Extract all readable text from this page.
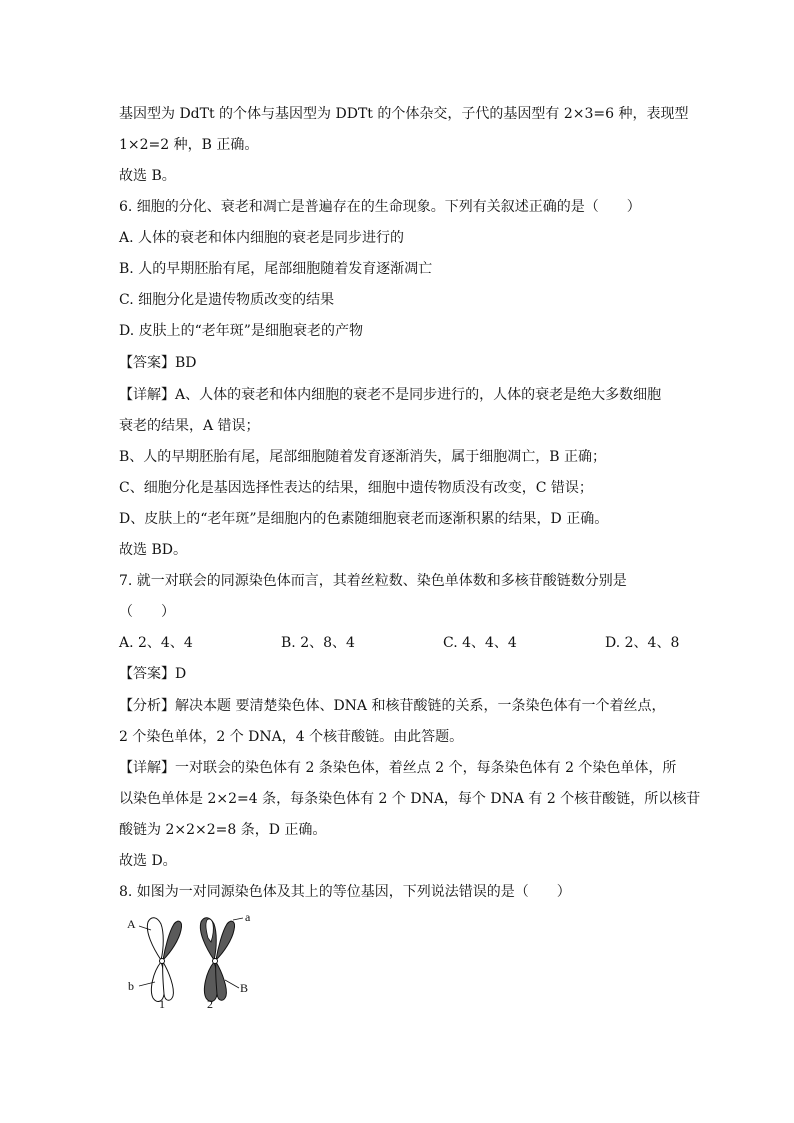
基因型为 DdTt 的个体与基因型为 DDTt 的个体杂交，子代的基因型有 2×3=6 种，表现型
1×2=2 种，B 正确。
故选 B。
6. 细胞的分化、衰老和凋亡是普遍存在的生命现象。下列有关叙述正确的是（　　）
A. 人体的衰老和体内细胞的衰老是同步进行的
B. 人的早期胚胎有尾，尾部细胞随着发育逐渐凋亡
C. 细胞分化是遗传物质改变的结果
D. 皮肤上的“老年斑”是细胞衰老的产物
【答案】BD
【详解】A、人体的衰老和体内细胞的衰老不是同步进行的，人体的衰老是绝大多数细胞
衰老的结果，A 错误；
B、人的早期胚胎有尾，尾部细胞随着发育逐渐消失，属于细胞凋亡，B 正确；
C、细胞分化是基因选择性表达的结果，细胞中遗传物质没有改变，C 错误；
D、皮肤上的“老年斑”是细胞内的色素随细胞衰老而逐渐积累的结果，D 正确。
故选 BD。
7. 就一对联会的同源染色体而言，其着丝粒数、染色单体数和多核苷酸链数分别是
（　　）
A. 2、4、4	B. 2、8、4	C. 4、4、4	D. 2、4、8
【答案】D
【分析】解决本题 要清楚染色体、DNA 和核苷酸链的关系，一条染色体有一个着丝点，
2 个染色单体，2 个 DNA，4 个核苷酸链。由此答题。
【详解】一对联会的染色体有 2 条染色体，着丝点 2 个，每条染色体有 2 个染色单体，所
以染色单体是 2×2=4 条，每条染色体有 2 个 DNA，每个 DNA 有 2 个核苷酸链，所以核苷
酸链为 2×2×2=8 条，D 正确。
故选 D。
8. 如图为一对同源染色体及其上的等位基因，下列说法错误的是（　　）
A	a
b	B
1	2
